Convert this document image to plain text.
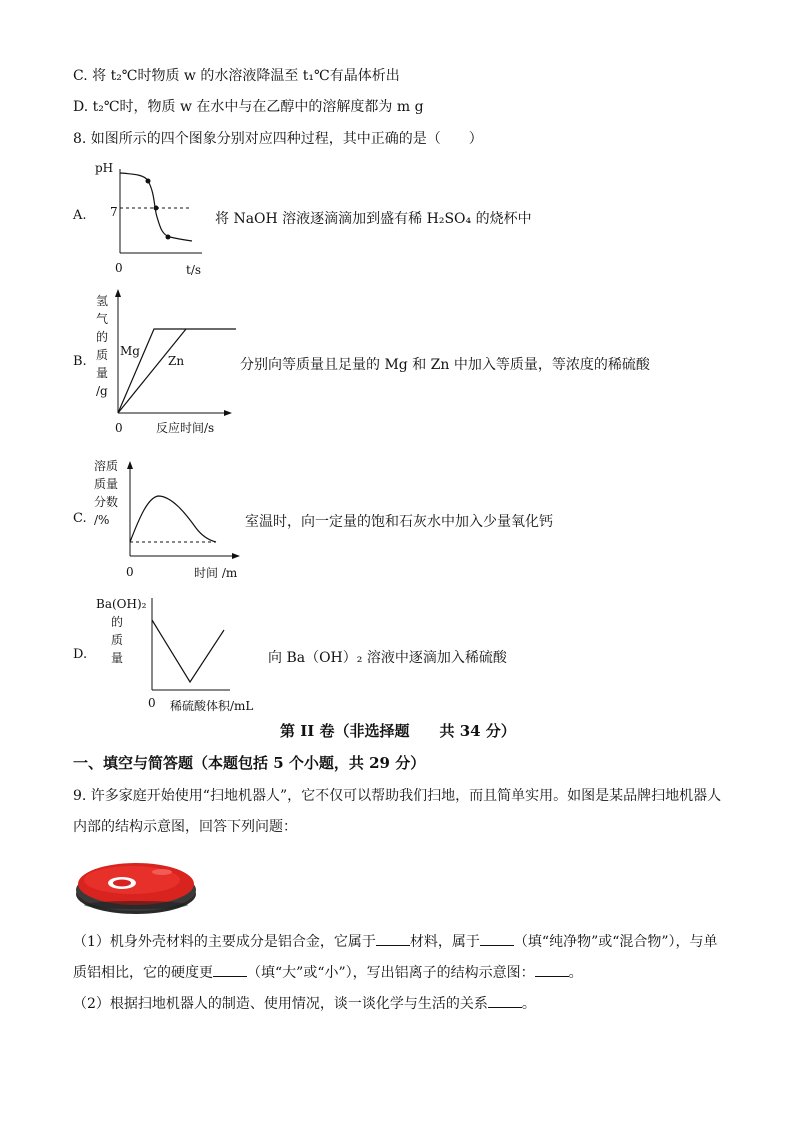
C. 将 t₂℃时物质 w 的水溶液降温至 t₁℃有晶体析出
D. t₂℃时，物质 w 在水中与在乙醇中的溶解度都为 m g
8. 如图所示的四个图象分别对应四种过程，其中正确的是（　　）
A.
pH
7
0	t/s
将 NaOH 溶液逐滴滴加到盛有稀 H₂SO₄ 的烧杯中
B.
氢
气
的
质
量
/g
0	反应时间/s
Mg
Zn	分别向等质量且足量的 Mg 和 Zn 中加入等质量，等浓度的稀硫酸
C.
溶质
质量
分数
/%
0	时间 /m
室温时，向一定量的饱和石灰水中加入少量氧化钙
D.
Ba(OH)₂
的
质
量
0 稀硫酸体积/mL
向 Ba（OH）₂ 溶液中逐滴加入稀硫酸
第 II 卷（非选择题　　共 34 分）
一、填空与简答题（本题包括 5 个小题，共 29 分）
9. 许多家庭开始使用“扫地机器人”，它不仅可以帮助我们扫地，而且简单实用。如图是某品牌扫地机器人
内部的结构示意图，回答下列问题：
（1）机身外壳材料的主要成分是铝合金，它属于 材料，属于 （填“纯净物”或“混合物”），与单
质铝相比，它的硬度更 （填“大”或“小”），写出铝离子的结构示意图： 。
（2）根据扫地机器人的制造、使用情况，谈一谈化学与生活的关系 。
